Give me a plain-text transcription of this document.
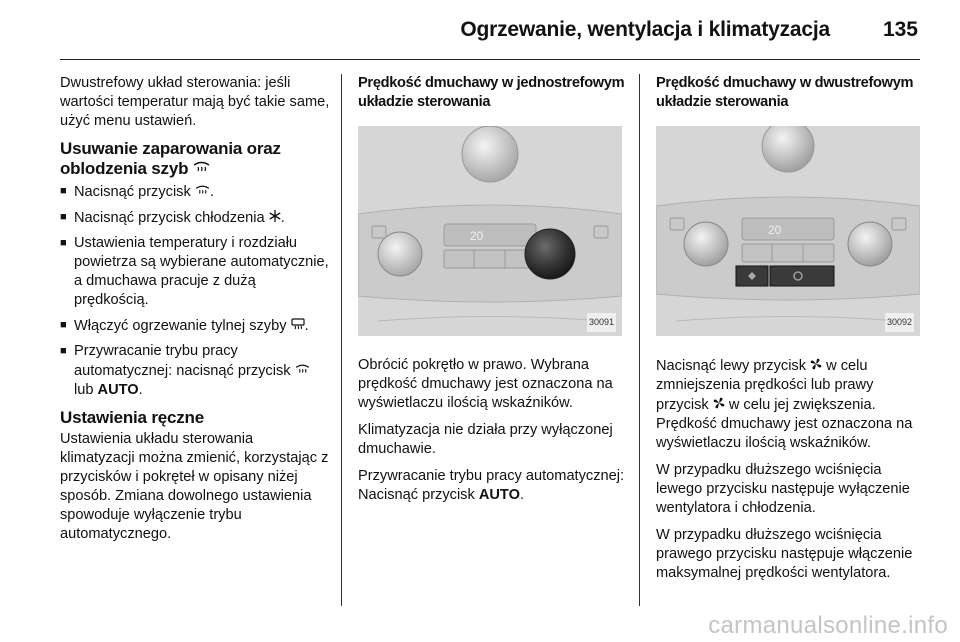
Ogrzewanie, wentylacja i klimatyzacja	135

Dwustrefowy układ sterowania: jeśli wartości temperatur mają być takie same, użyć menu ustawień.

Usuwanie zaparowania oraz oblodzenia szyb
■ Nacisnąć przycisk .
■ Nacisnąć przycisk chłodzenia .
■ Ustawienia temperatury i rozdziału powietrza są wybierane automatycznie, a dmuchawa pracuje z dużą prędkością.
■ Włączyć ogrzewanie tylnej szyby .
■ Przywracanie trybu pracy automatycznej: nacisnąć przycisk  lub AUTO.
Ustawienia ręczne

Ustawienia układu sterowania klimatyzacji można zmienić, korzystając z przycisków i pokręteł w opisany niżej sposób. Zmiana dowolnego ustawienia spowoduje wyłączenie trybu automatycznego.

Prędkość dmuchawy w jednostrefowym układzie sterowania
20
30091

Obrócić pokrętło w prawo. Wybrana prędkość dmuchawy jest oznaczona na wyświetlaczu ilością wskaźników.

Klimatyzacja nie działa przy wyłączonej dmuchawie.

Przywracanie trybu pracy automatycznej: Nacisnąć przycisk AUTO.

Prędkość dmuchawy w dwustrefowym układzie sterowania
20
30092

Nacisnąć lewy przycisk w celu zmniejszenia prędkości lub prawy przycisk w celu jej zwiększenia. Prędkość dmuchawy jest oznaczona na wyświetlaczu ilością wskaźników.

W przypadku dłuższego wciśnięcia lewego przycisku następuje wyłączenie wentylatora i chłodzenia.

W przypadku dłuższego wciśnięcia prawego przycisku następuje włączenie maksymalnej prędkości wentylatora.

carmanualsonline.info
